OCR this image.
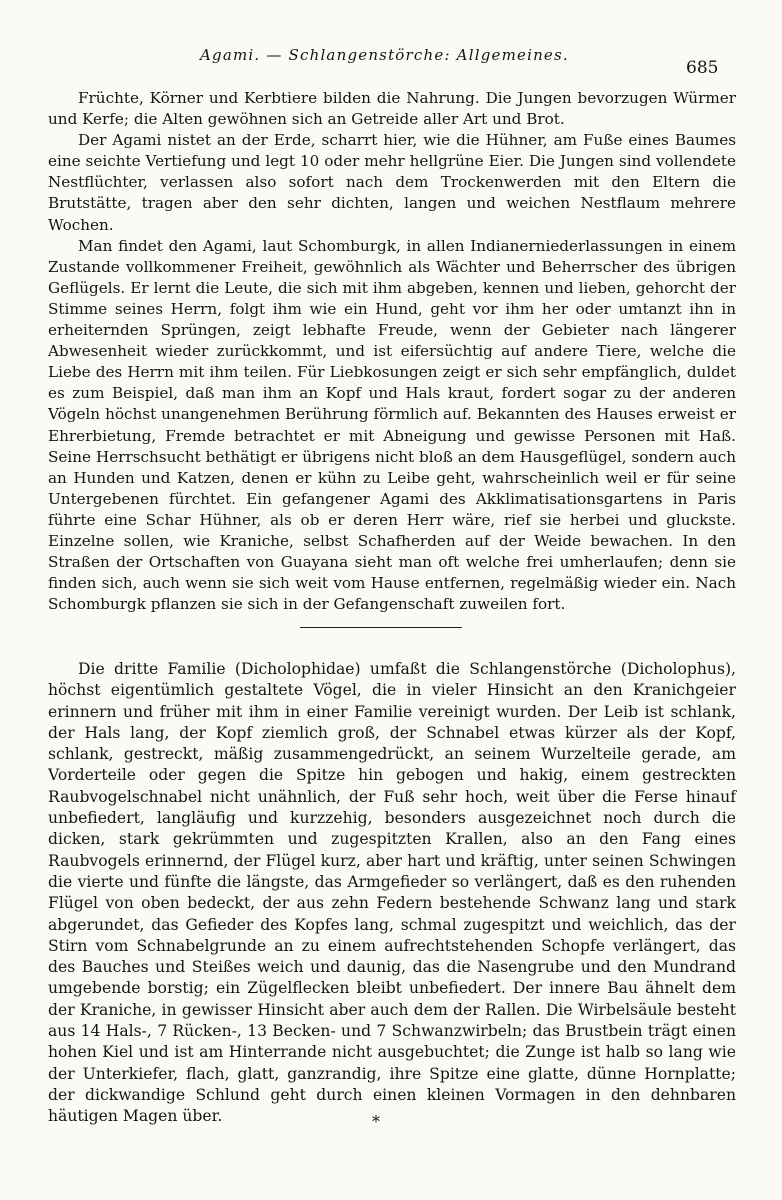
Agami. — Schlangenstörche: Allgemeines.
685

Früchte, Körner und Kerbtiere bilden die Nahrung. Die Jungen bevorzugen Würmer und Kerfe; die Alten gewöhnen sich an Getreide aller Art und Brot.

Der Agami nistet an der Erde, scharrt hier, wie die Hühner, am Fuße eines Baumes eine seichte Vertiefung und legt 10 oder mehr hellgrüne Eier. Die Jungen sind vollendete Nestflüchter, verlassen also sofort nach dem Trockenwerden mit den Eltern die Brutstätte, tragen aber den sehr dichten, langen und weichen Nestflaum mehrere Wochen.

Man findet den Agami, laut Schomburgk, in allen Indianerniederlassungen in einem Zustande vollkommener Freiheit, gewöhnlich als Wächter und Beherrscher des übrigen Geflügels. Er lernt die Leute, die sich mit ihm abgeben, kennen und lieben, gehorcht der Stimme seines Herrn, folgt ihm wie ein Hund, geht vor ihm her oder umtanzt ihn in erheiternden Sprüngen, zeigt lebhafte Freude, wenn der Gebieter nach längerer Abwesenheit wieder zurückkommt, und ist eifersüchtig auf andere Tiere, welche die Liebe des Herrn mit ihm teilen. Für Liebkosungen zeigt er sich sehr empfänglich, duldet es zum Beispiel, daß man ihm an Kopf und Hals kraut, fordert sogar zu der anderen Vögeln höchst unangenehmen Berührung förmlich auf. Bekannten des Hauses erweist er Ehrerbietung, Fremde betrachtet er mit Abneigung und gewisse Personen mit Haß. Seine Herrschsucht bethätigt er übrigens nicht bloß an dem Hausgeflügel, sondern auch an Hunden und Katzen, denen er kühn zu Leibe geht, wahrscheinlich weil er für seine Untergebenen fürchtet. Ein gefangener Agami des Akklimatisationsgartens in Paris führte eine Schar Hühner, als ob er deren Herr wäre, rief sie herbei und gluckste. Einzelne sollen, wie Kraniche, selbst Schafherden auf der Weide bewachen. In den Straßen der Ortschaften von Guayana sieht man oft welche frei umherlaufen; denn sie finden sich, auch wenn sie sich weit vom Hause entfernen, regelmäßig wieder ein. Nach Schomburgk pflanzen sie sich in der Gefangenschaft zuweilen fort.

Die dritte Familie (Dicholophidae) umfaßt die Schlangenstörche (Dicholophus), höchst eigentümlich gestaltete Vögel, die in vieler Hinsicht an den Kranichgeier erinnern und früher mit ihm in einer Familie vereinigt wurden. Der Leib ist schlank, der Hals lang, der Kopf ziemlich groß, der Schnabel etwas kürzer als der Kopf, schlank, gestreckt, mäßig zusammengedrückt, an seinem Wurzelteile gerade, am Vorderteile oder gegen die Spitze hin gebogen und hakig, einem gestreckten Raubvogelschnabel nicht unähnlich, der Fuß sehr hoch, weit über die Ferse hinauf unbefiedert, langläufig und kurzzehig, besonders ausgezeichnet noch durch die dicken, stark gekrümmten und zugespitzten Krallen, also an den Fang eines Raubvogels erinnernd, der Flügel kurz, aber hart und kräftig, unter seinen Schwingen die vierte und fünfte die längste, das Armgefieder so verlängert, daß es den ruhenden Flügel von oben bedeckt, der aus zehn Federn bestehende Schwanz lang und stark abgerundet, das Gefieder des Kopfes lang, schmal zugespitzt und weichlich, das der Stirn vom Schnabelgrunde an zu einem aufrechtstehenden Schopfe verlängert, das des Bauches und Steißes weich und daunig, das die Nasengrube und den Mundrand umgebende borstig; ein Zügelflecken bleibt unbefiedert. Der innere Bau ähnelt dem der Kraniche, in gewisser Hinsicht aber auch dem der Rallen. Die Wirbelsäule besteht aus 14 Hals-, 7 Rücken-, 13 Becken- und 7 Schwanzwirbeln; das Brustbein trägt einen hohen Kiel und ist am Hinterrande nicht ausgebuchtet; die Zunge ist halb so lang wie der Unterkiefer, flach, glatt, ganzrandig, ihre Spitze eine glatte, dünne Hornplatte; der dickwandige Schlund geht durch einen kleinen Vormagen in den dehnbaren häutigen Magen über.	*
